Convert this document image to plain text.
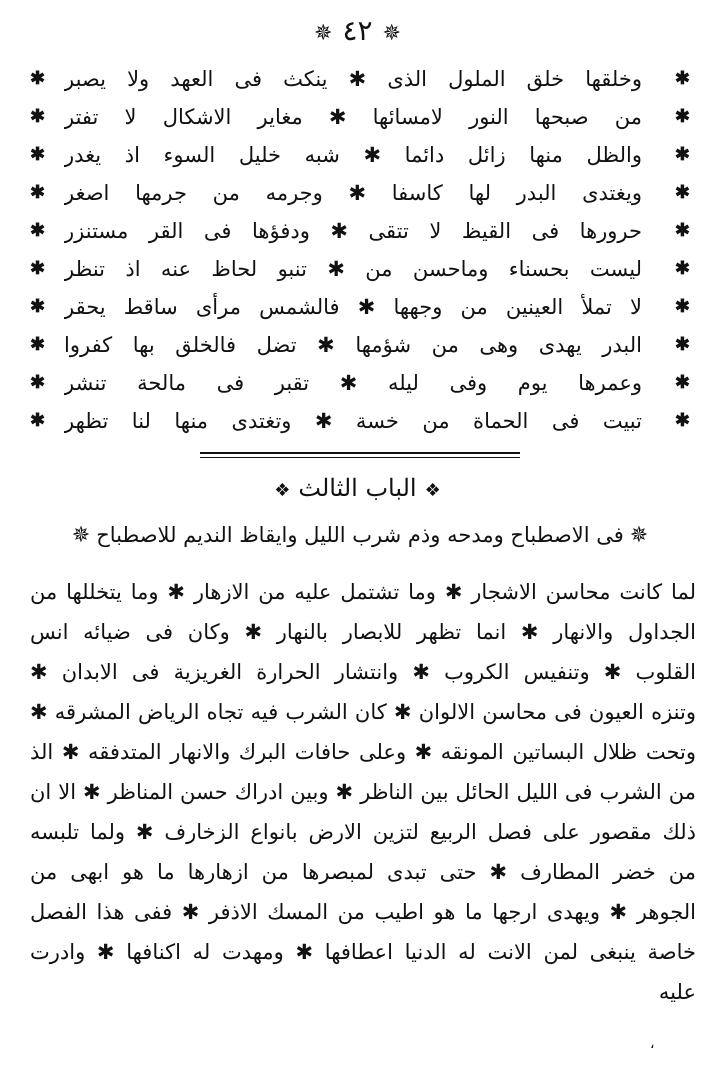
✵ ٤٢ ✵
✱
وخلقها خلق الملول الذى ✱ ينكث فى العهد ولا يصبر
✱
✱
من صبحها النور لامسائها ✱ مغاير الاشكال لا تفتر
✱
✱
والظل منها زائل دائما ✱ شبه خليل السوء اذ يغدر
✱
✱
ويغتدى البدر لها كاسفا ✱ وجرمه من جرمها اصغر
✱
✱
حرورها فى القيظ لا تتقى ✱ ودفؤها فى القر مستنزر
✱
✱
ليست بحسناء وماحسن من ✱ تنبو لحاظ عنه اذ تنظر
✱
✱
لا تملأ العينين من وجهها ✱ فالشمس مرأى ساقط يحقر
✱
✱
البدر يهدى وهى من شؤمها ✱ تضل فالخلق بها كفروا
✱
✱
وعمرها يوم وفى ليله ✱ تقبر فى مالحة تنشر
✱
✱
تبيت فى الحماة من خسة ✱ وتغتدى منها لنا تظهر
✱
❖الباب الثالث❖
✵فى الاصطباح ومدحه وذم شرب الليل وايقاظ النديم للاصطباح✵
لما كانت محاسن الاشجار ✱ وما تشتمل عليه من الازهار ✱ وما يتخللها من
الجداول والانهار ✱ انما تظهر للابصار بالنهار ✱ وكان فى ضيائه انس
القلوب ✱ وتنفيس الكروب ✱ وانتشار الحرارة الغريزية فى الابدان ✱
وتنزه العيون فى محاسن الالوان ✱ كان الشرب فيه تجاه الرياض المشرقه ✱
وتحت ظلال البساتين المونقه ✱ وعلى حافات البرك والانهار المتدفقه ✱ الذ
من الشرب فى الليل الحائل بين الناظر ✱ وبين ادراك حسن المناظر ✱ الا ان
ذلك مقصور على فصل الربيع لتزين الارض بانواع الزخارف ✱ ولما تلبسه
من خضر المطارف ✱ حتى تبدى لمبصرها من ازهارها ما هو ابهى من
الجوهر ✱ ويهدى ارجها ما هو اطيب من المسك الاذفر ✱ ففى هذا الفصل
خاصة ينبغى لمن الانت له الدنيا اعطافها ✱ ومهدت له اكنافها ✱ وادرت
عليه
،
